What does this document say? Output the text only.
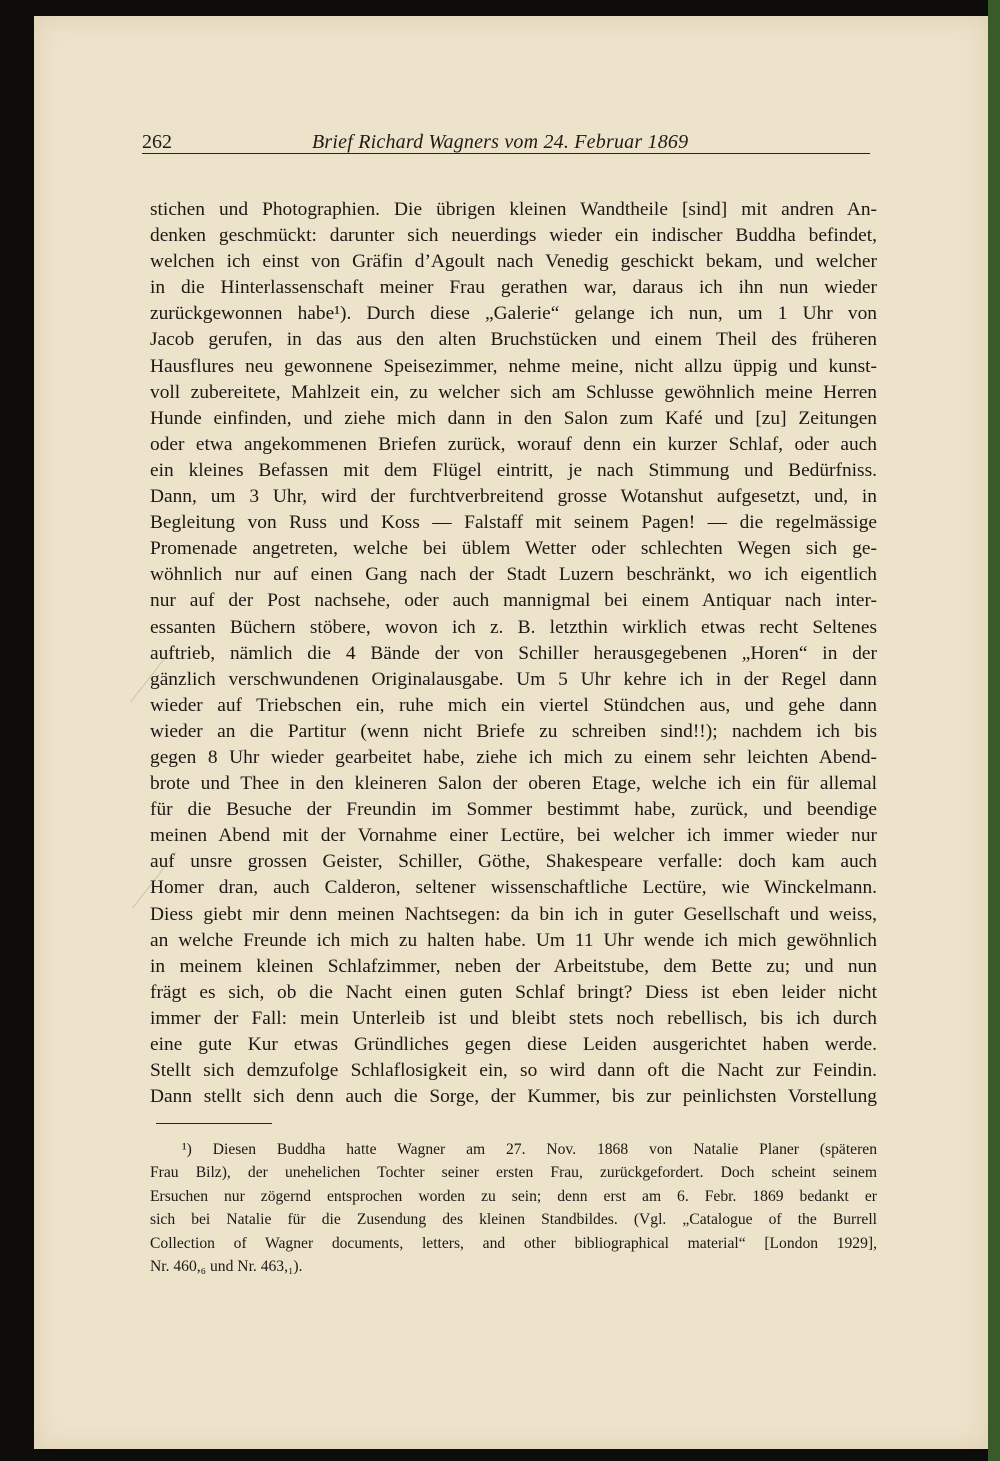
262	Brief Richard Wagners vom 24. Februar 1869
stichen und Photographien. Die übrigen kleinen Wandtheile [sind] mit andren An-
denken geschmückt: darunter sich neuerdings wieder ein indischer Buddha befindet,
welchen ich einst von Gräfin d’Agoult nach Venedig geschickt bekam, und welcher
in die Hinterlassenschaft meiner Frau gerathen war, daraus ich ihn nun wieder
zurückgewonnen habe¹). Durch diese „Galerie“ gelange ich nun, um 1 Uhr von
Jacob gerufen, in das aus den alten Bruchstücken und einem Theil des früheren
Hausflures neu gewonnene Speisezimmer, nehme meine, nicht allzu üppig und kunst-
voll zubereitete, Mahlzeit ein, zu welcher sich am Schlusse gewöhnlich meine Herren
Hunde einfinden, und ziehe mich dann in den Salon zum Kafé und [zu] Zeitungen
oder etwa angekommenen Briefen zurück, worauf denn ein kurzer Schlaf, oder auch
ein kleines Befassen mit dem Flügel eintritt, je nach Stimmung und Bedürfniss.
Dann, um 3 Uhr, wird der furchtverbreitend grosse Wotanshut aufgesetzt, und, in
Begleitung von Russ und Koss — Falstaff mit seinem Pagen! — die regelmässige
Promenade angetreten, welche bei üblem Wetter oder schlechten Wegen sich ge-
wöhnlich nur auf einen Gang nach der Stadt Luzern beschränkt, wo ich eigentlich
nur auf der Post nachsehe, oder auch mannigmal bei einem Antiquar nach inter-
essanten Büchern stöbere, wovon ich z. B. letzthin wirklich etwas recht Seltenes
auftrieb, nämlich die 4 Bände der von Schiller herausgegebenen „Horen“ in der
gänzlich verschwundenen Originalausgabe. Um 5 Uhr kehre ich in der Regel dann
wieder auf Triebschen ein, ruhe mich ein viertel Stündchen aus, und gehe dann
wieder an die Partitur (wenn nicht Briefe zu schreiben sind!!); nachdem ich bis
gegen 8 Uhr wieder gearbeitet habe, ziehe ich mich zu einem sehr leichten Abend-
brote und Thee in den kleineren Salon der oberen Etage, welche ich ein für allemal
für die Besuche der Freundin im Sommer bestimmt habe, zurück, und beendige
meinen Abend mit der Vornahme einer Lectüre, bei welcher ich immer wieder nur
auf unsre grossen Geister, Schiller, Göthe, Shakespeare verfalle: doch kam auch
Homer dran, auch Calderon, seltener wissenschaftliche Lectüre, wie Winckelmann.
Diess giebt mir denn meinen Nachtsegen: da bin ich in guter Gesellschaft und weiss,
an welche Freunde ich mich zu halten habe. Um 11 Uhr wende ich mich gewöhnlich
in meinem kleinen Schlafzimmer, neben der Arbeitstube, dem Bette zu; und nun
frägt es sich, ob die Nacht einen guten Schlaf bringt? Diess ist eben leider nicht
immer der Fall: mein Unterleib ist und bleibt stets noch rebellisch, bis ich durch
eine gute Kur etwas Gründliches gegen diese Leiden ausgerichtet haben werde.
Stellt sich demzufolge Schlaflosigkeit ein, so wird dann oft die Nacht zur Feindin.
Dann stellt sich denn auch die Sorge, der Kummer, bis zur peinlichsten Vorstellung
¹) Diesen Buddha hatte Wagner am 27. Nov. 1868 von Natalie Planer (späteren
Frau Bilz), der unehelichen Tochter seiner ersten Frau, zurückgefordert. Doch scheint seinem
Ersuchen nur zögernd entsprochen worden zu sein; denn erst am 6. Febr. 1869 bedankt er
sich bei Natalie für die Zusendung des kleinen Standbildes. (Vgl. „Catalogue of the Burrell
Collection of Wagner documents, letters, and other bibliographical material“ [London 1929],
Nr. 460,₆ und Nr. 463,₁).
